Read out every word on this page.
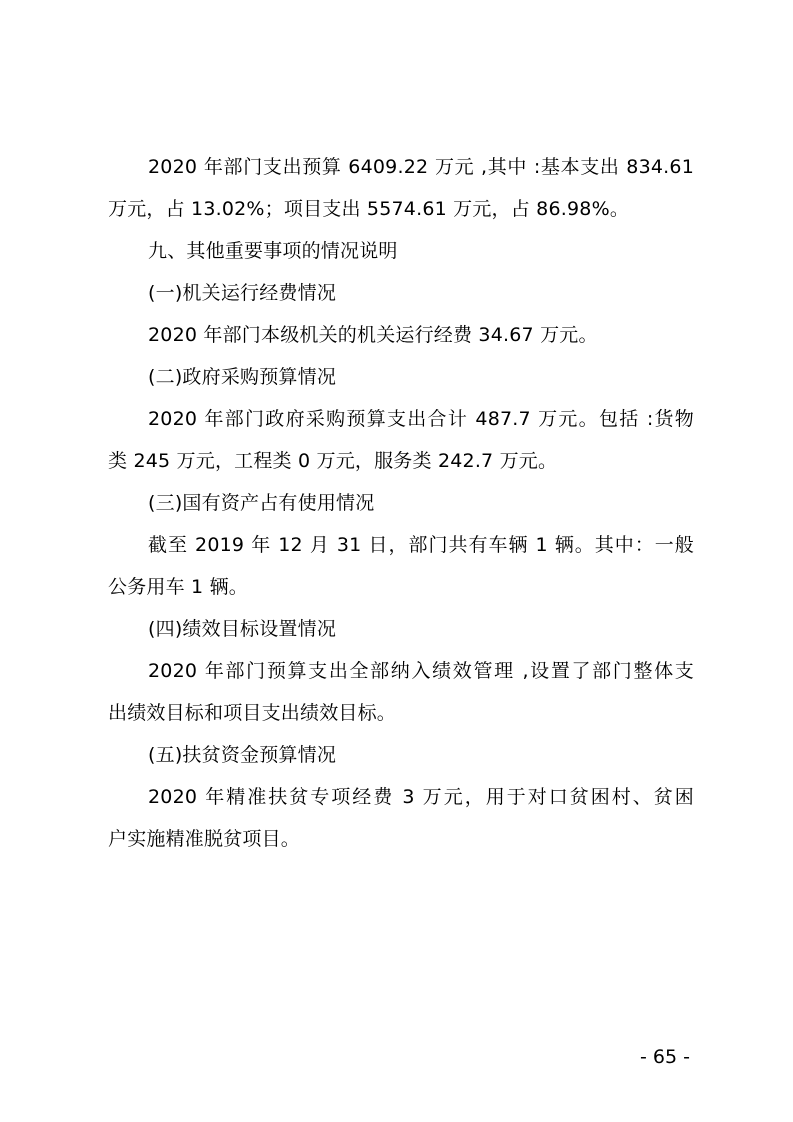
2020 年部门支出预算 6409.22 万元 ,其中 :基本支出 834.61
万元，占 13.02%；项目支出 5574.61 万元，占 86.98%。
九、其他重要事项的情况说明
(一)机关运行经费情况
2020 年部门本级机关的机关运行经费 34.67 万元。
(二)政府采购预算情况
2020 年部门政府采购预算支出合计 487.7 万元。包括 :货物
类 245 万元，工程类 0 万元，服务类 242.7 万元。
(三)国有资产占有使用情况
截至 2019 年 12 月 31 日，部门共有车辆 1 辆。其中：一般
公务用车 1 辆。
(四)绩效目标设置情况
2020 年部门预算支出全部纳入绩效管理 ,设置了部门整体支
出绩效目标和项目支出绩效目标。
(五)扶贫资金预算情况
2020 年精准扶贫专项经费 3 万元，用于对口贫困村、贫困
户实施精准脱贫项目。
- 65 -
